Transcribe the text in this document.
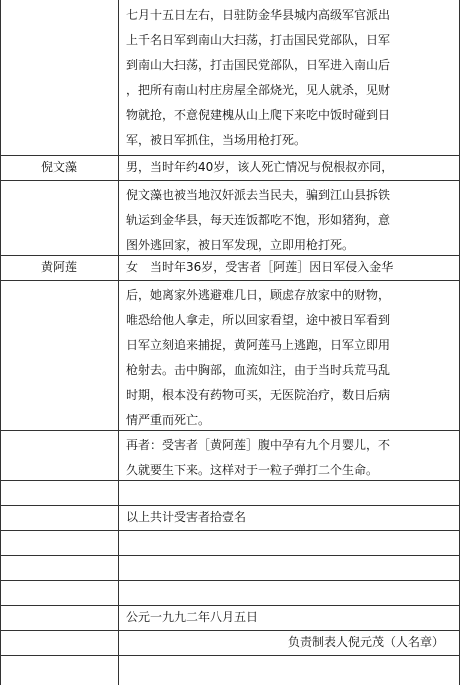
七月十五日左右，日驻防金华县城内高级军官派出
上千名日军到南山大扫荡，打击国民党部队，日军
到南山大扫荡，打击国民党部队，日军进入南山后
，把所有南山村庄房屋全部烧光，见人就杀，见财
物就抢，不意倪建槐从山上爬下来吃中饭时碰到日
军，被日军抓住，当场用枪打死。
倪文藻	男，当时年约40岁，该人死亡情况与倪根叔亦同，
倪文藻也被当地汉奸派去当民夫，骗到江山县拆铁
轨运到金华县，每天连饭都吃不饱，形如猪狗，意
图外逃回家，被日军发现，立即用枪打死。
黄阿莲	女　当时年36岁，受害者［阿莲］因日军侵入金华
后，她离家外逃避难几日，顾虑存放家中的财物，
唯恐给他人拿走，所以回家看望，途中被日军看到
日军立刻追来捕捉，黄阿莲马上逃跑，日军立即用
枪射去。击中胸部，血流如注，由于当时兵荒马乱
时期，根本没有药物可买，无医院治疗，数日后病
情严重而死亡。
再者：受害者［黄阿莲］腹中孕有九个月婴儿，不
久就要生下来。这样对于一粒子弹打二个生命。
以上共计受害者拾壹名
公元一九九二年八月五日
负责制表人倪元茂（人名章）
